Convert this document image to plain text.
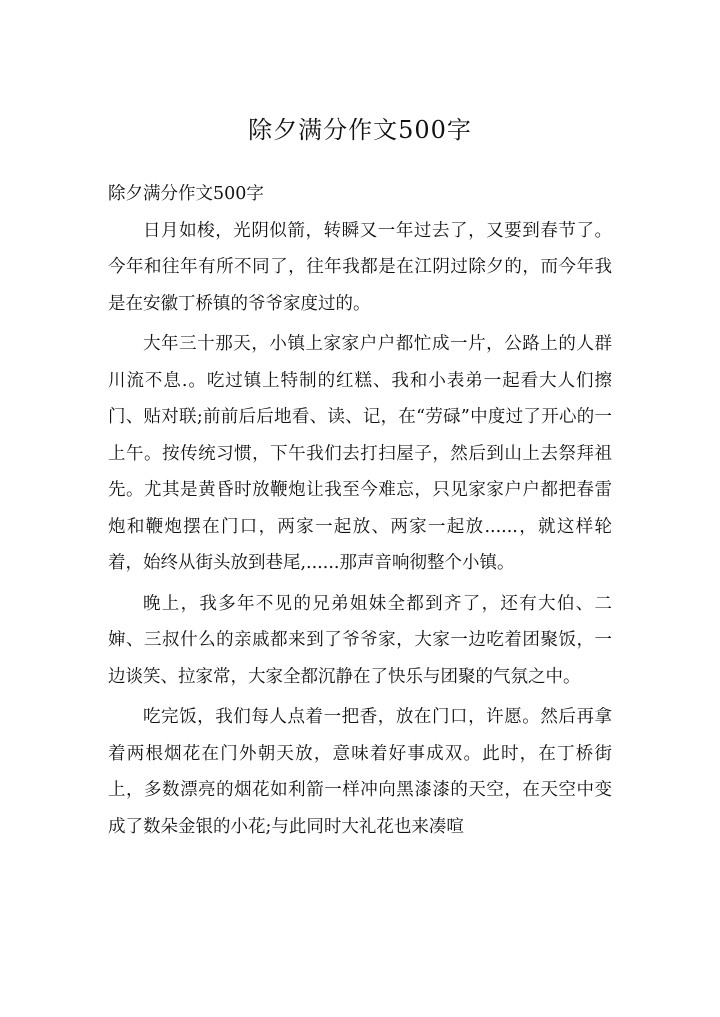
除夕满分作文500字

除夕满分作文500字

日月如梭，光阴似箭，转瞬又一年过去了，又要到春节了。今年和往年有所不同了，往年我都是在江阴过除夕的，而今年我是在安徽丁桥镇的爷爷家度过的。

大年三十那天，小镇上家家户户都忙成一片，公路上的人群川流不息.。吃过镇上特制的红糕、我和小表弟一起看大人们擦门、贴对联;前前后后地看、读、记，在“劳碌”中度过了开心的一上午。按传统习惯，下午我们去打扫屋子，然后到山上去祭拜祖先。尤其是黄昏时放鞭炮让我至今难忘，只见家家户户都把春雷炮和鞭炮摆在门口，两家一起放、两家一起放......，就这样轮着，始终从街头放到巷尾,......那声音响彻整个小镇。

晚上，我多年不见的兄弟姐妹全都到齐了，还有大伯、二婶、三叔什么的亲戚都来到了爷爷家，大家一边吃着团聚饭，一边谈笑、拉家常，大家全都沉静在了快乐与团聚的气氛之中。

吃完饭，我们每人点着一把香，放在门口，许愿。然后再拿着两根烟花在门外朝天放，意味着好事成双。此时，在丁桥街上，多数漂亮的烟花如利箭一样冲向黑漆漆的天空，在天空中变成了数朵金银的小花;与此同时大礼花也来凑喧
